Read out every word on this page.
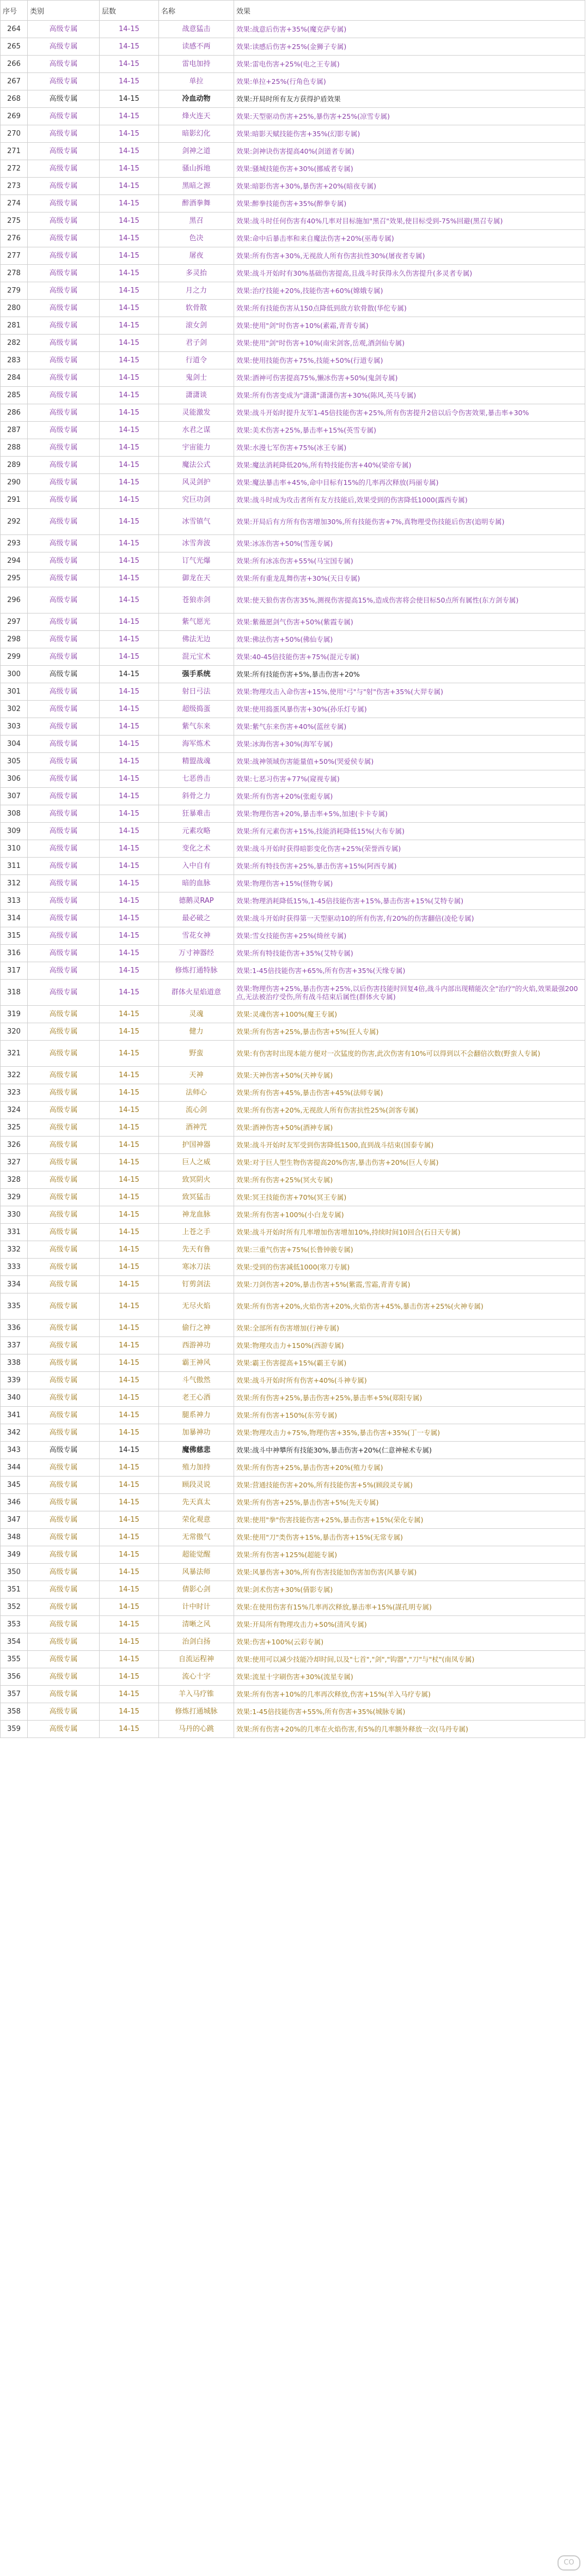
序号	类别	层数	名称	效果
264	高级专属	14-15	战意猛击	效果:战意后伤害+35%(魔克萨专属)
265	高级专属	14-15	读感不两	效果:读感后伤害+25%(金狮子专属)
266	高级专属	14-15	雷电加持	效果:雷电伤害+25%(电之王专属)
267	高级专属	14-15	单拉	效果:单拉+25%(行角色专属)
268	高级专属	14-15	冷血动物	效果:开局时所有友方获得护盾效果
269	高级专属	14-15	烽火连天	效果:天型驱动伤害+25%,暴伤害+25%(凉雪专属)
270	高级专属	14-15	暗影幻化	效果:暗影天赋技能伤害+35%(幻影专属)
271	高级专属	14-15	剑神之道	效果:剑神诀伤害提高40%(剑道者专属)
272	高级专属	14-15	骚山拆地	效果:骚城技能伤害+30%(挪威者专属)
273	高级专属	14-15	黑暗之源	效果:暗影伤害+30%,暴伤害+20%(暗夜专属)
274	高级专属	14-15	醉酒拳舞	效果:醉拳技能伤害+35%(醉拳专属)
275	高级专属	14-15	黑召	效果:战斗时任何伤害有40%几率对目标施加"黑召"效果,使目标受到-75%回避(黑召专属)
276	高级专属	14-15	色决	效果:命中后暴击率和来自魔法伤害+20%(巫毒专属)
277	高级专属	14-15	屠夜	效果:所有伤害+30%,无视敌人所有伤害抗性30%(屠夜者专属)
278	高级专属	14-15	多灵抬	效果:战斗开始时有30%基础伤害提高,且战斗时获得永久伤害提升(多灵者专属)
279	高级专属	14-15	月之力	效果:治疗技能+20%,技能伤害+60%(嫦娥专属)
280	高级专属	14-15	软骨散	效果:所有技能伤害从150点降低到敌方软骨散(华佗专属)
281	高级专属	14-15	滚女剑	效果:使用"剑"时伤害+10%(素霜,青青专属)
282	高级专属	14-15	君子剑	效果:使用"剑"时伤害+10%(南宋剑客,岳观,酒剑仙专属)
283	高级专属	14-15	行道令	效果:使用技能伤害+75%,技能+50%(行道专属)
284	高级专属	14-15	鬼剑士	效果:酒神可伤害提高75%,懒冰伤害+50%(鬼剑专属)
285	高级专属	14-15	潇潇谈	效果:所有伤害变成为"潇潇"潇潇伤害+30%(陈风,英马专属)
286	高级专属	14-15	灵能激发	效果:战斗开始时提升友军1-45倍技能伤害+25%,所有伤害提升2倍以后令伤害效果,暴击率+30%
287	高级专属	14-15	水君之谋	效果:美术伤害+25%,暴击率+15%(英雪专属)
288	高级专属	14-15	宇宙能力	效果:水漫七军伤害+75%(冰王专属)
289	高级专属	14-15	魔法公式	效果:魔法消耗降低20%,所有特技能伤害+40%(梁帝专属)
290	高级专属	14-15	风灵剑护	效果:魔法暴击率+45%,命中目标有15%的几率再次释放(玛丽专属)
291	高级专属	14-15	究巨功剑	效果:战斗时成为攻击者所有友方技能后,效果受到的伤害降低1000(露西专属)
292	高级专属	14-15	冰雪镇气	效果:开局后有方所有伤害增加30%,所有技能伤害+7%,真物理受伤技能后伤害(追明专属)
293	高级专属	14-15	冰雪奔波	效果:冰冻伤害+50%(雪莲专属)
294	高级专属	14-15	订气光爆	效果:所有冰冻伤害+55%(马宝国专属)
295	高级专属	14-15	御龙在天	效果:所有重龙乱舞伤害+30%(天日专属)
296	高级专属	14-15	苍狼赤剑	效果:使天狼伤害伤害35%,测视伤害提高15%,造成伤害将会使目标50点所有属性(东方剑专属)
297	高级专属	14-15	紫气愿光	效果:紫薇愿剑气伤害+50%(紫霞专属)
298	高级专属	14-15	佛法无边	效果:佛法伤害+50%(佛仙专属)
299	高级专属	14-15	混元宝术	效果:40-45倍技能伤害+75%(混元专属)
300	高级专属	14-15	强手系统	效果:所有技能伤害+5%,暴击伤害+20%
301	高级专属	14-15	射日弓法	效果:物理攻击入命伤害+15%,使用"弓"与"射"伤害+35%(大羿专属)
302	高级专属	14-15	超级捣蛋	效果:使用捣蛋风暴伤害+30%(孙乐灯专属)
303	高级专属	14-15	紫气东来	效果:紫气东来伤害+40%(蓝丝专属)
304	高级专属	14-15	海军炼术	效果:冰海伤害+30%(海军专属)
305	高级专属	14-15	精盟战魂	效果:战神领域伤害能量值+50%(哭爱侯专属)
306	高级专属	14-15	七恶兽击	效果:七恶习伤害+77%(窥视专属)
307	高级专属	14-15	斜骨之力	效果:所有伤害+20%(张彪专属)
308	高级专属	14-15	狂暴难击	效果:物理伤害+20%,暴击率+5%,加速(卡卡专属)
309	高级专属	14-15	元素攻略	效果:所有元素伤害+15%,技能消耗降低15%(大布专属)
310	高级专属	14-15	变化之术	效果:战斗开始时获得暗影变化伤害+25%(荣誉西专属)
311	高级专属	14-15	入中自有	效果:所有特技伤害+25%,暴击伤害+15%(阿西专属)
312	高级专属	14-15	暗的血脉	效果:物理伤害+15%(怪物专属)
313	高级专属	14-15	德鹅灵RAP	效果:物理消耗降低15%,1-45倍技能伤害+15%,暴击伤害+15%(艾特专属)
314	高级专属	14-15	最必破之	效果:战斗开始时获得第一天型驱动10的所有伤害,有20%的伤害翻倍(凌伦专属)
315	高级专属	14-15	雪花女神	效果:雪女技能伤害+25%(绮丝专属)
316	高级专属	14-15	万寸神器经	效果:所有特技能伤害+35%(艾特专属)
317	高级专属	14-15	修炼打通特脉	效果:1-45倍技能伤害+65%,所有伤害+35%(天缘专属)
318	高级专属	14-15	群体火星焰道意	效果:物理伤害+25%,暴击伤害+25%,以后伤害技能时回复4倍,战斗内部出现精能次全"治疗"的火焰,效果最强200点,无法被治疗受伤,所有战斗结束后属性(群体火专属)
319	高级专属	14-15	灵魂	效果:灵魂伤害+100%(魔王专属)
320	高级专属	14-15	健力	效果:所有伤害+25%,暴击伤害+5%(狂人专属)
321	高级专属	14-15	野蛮	效果:有伤害时出现本能方便对一次猛度的伤害,此次伤害有10%可以得到以不会翻倍次数(野蛮人专属)
322	高级专属	14-15	天神	效果:天神伤害+50%(天神专属)
323	高级专属	14-15	法师心	效果:所有伤害+45%,暴击伤害+45%(法师专属)
324	高级专属	14-15	流心剑	效果:所有伤害+20%,无视敌人所有伤害抗性25%(剑客专属)
325	高级专属	14-15	酒神咒	效果:酒神伤害+50%(酒神专属)
326	高级专属	14-15	护国神器	效果:战斗开始时友军受到伤害降低1500,直到战斗结束(国泰专属)
327	高级专属	14-15	巨人之威	效果:对于巨人型生物伤害提高20%伤害,暴击伤害+20%(巨人专属)
328	高级专属	14-15	致冥阴火	效果:所有伤害+25%(冥火专属)
329	高级专属	14-15	致冥猛击	效果:冥王技能伤害+70%(冥王专属)
330	高级专属	14-15	神龙血脉	效果:所有伤害+100%(小白龙专属)
331	高级专属	14-15	上苍之手	效果:战斗开始时所有几率增加伤害增加10%,持续时间10回合(石日天专属)
332	高级专属	14-15	先天有鲁	效果:三重气伤害+75%(长鲁钟骏专属)
333	高级专属	14-15	寒冰刀法	效果:受到的伤害减低1000(寒刀专属)
334	高级专属	14-15	钉剪剑法	效果:刀剑伤害+20%,暴击伤害+5%(紫霞,雪霜,青青专属)
335	高级专属	14-15	无尽火焰	效果:所有伤害+20%,火焰伤害+20%,火焰伤害+45%,暴击伤害+25%(火神专属)
336	高级专属	14-15	偷行之神	效果:全部所有伤害增加(行神专属)
337	高级专属	14-15	西游神功	效果:物理攻击力+150%(西游专属)
338	高级专属	14-15	霸王神风	效果:霸王伤害提高+15%(霸王专属)
339	高级专属	14-15	斗气傲然	效果:战斗开始时所有伤害+40%(斗神专属)
340	高级专属	14-15	老王心酒	效果:所有伤害+25%,暴击伤害+25%,暴击率+5%(郑阳专属)
341	高级专属	14-15	腿系神力	效果:所有伤害+150%(东劳专属)
342	高级专属	14-15	加暴神功	效果:物理攻击力+75%,物理伤害+35%,暴击伤害+35%(丁一专属)
343	高级专属	14-15	魔佛慈悲	效果:战斗中神攀所有技能30%,暴击伤害+20%(仁意神秘术专属)
344	高级专属	14-15	殖力加持	效果:所有伤害+25%,暴击伤害+20%(殖力专属)
345	高级专属	14-15	顾段灵说	效果:营通技能伤害+20%,所有技能伤害+5%(顾段灵专属)
346	高级专属	14-15	先天真太	效果:所有伤害+25%,暴击伤害+5%(先天专属)
347	高级专属	14-15	荣化观意	效果:使用"拳"伤害技能伤害+25%,暴击伤害+15%(荣化专属)
348	高级专属	14-15	无常傲气	效果:使用"刀"类伤害+15%,暴击伤害+15%(无常专属)
349	高级专属	14-15	超能觉醒	效果:所有伤害+125%(超能专属)
350	高级专属	14-15	风暴法师	效果:风暴伤害+30%,所有伤害技能加伤害加伤害(风暴专属)
351	高级专属	14-15	倩影心剑	效果:剑术伤害+30%(倩影专属)
352	高级专属	14-15	计中时计	效果:在使用伤害有15%几率再次释放,暴击率+15%(謀孔明专属)
353	高级专属	14-15	清晰之风	效果:开局所有物理攻击力+50%(清风专属)
354	高级专属	14-15	治剑白扬	效果:伤害+100%(云彩专属)
355	高级专属	14-15	自流运程神	效果:使用可以减少技能冷却时间,以及"七首","剑","钩器","刀"与"杖"(南凤专属)
356	高级专属	14-15	流心十字	效果:流星十字刷伤害+30%(流星专属)
357	高级专属	14-15	羊入马疗锥	效果:所有伤害+10%的几率再次释放,伤害+15%(羊入马疗专属)
358	高级专属	14-15	修炼打通城脉	效果:1-45倍技能伤害+55%,所有伤害+35%(城脉专属)
359	高级专属	14-15	马丹的心跳	效果:所有伤害+20%的几率在火焰伤害,有5%的几率额外释放一次(马丹专属)
CO
